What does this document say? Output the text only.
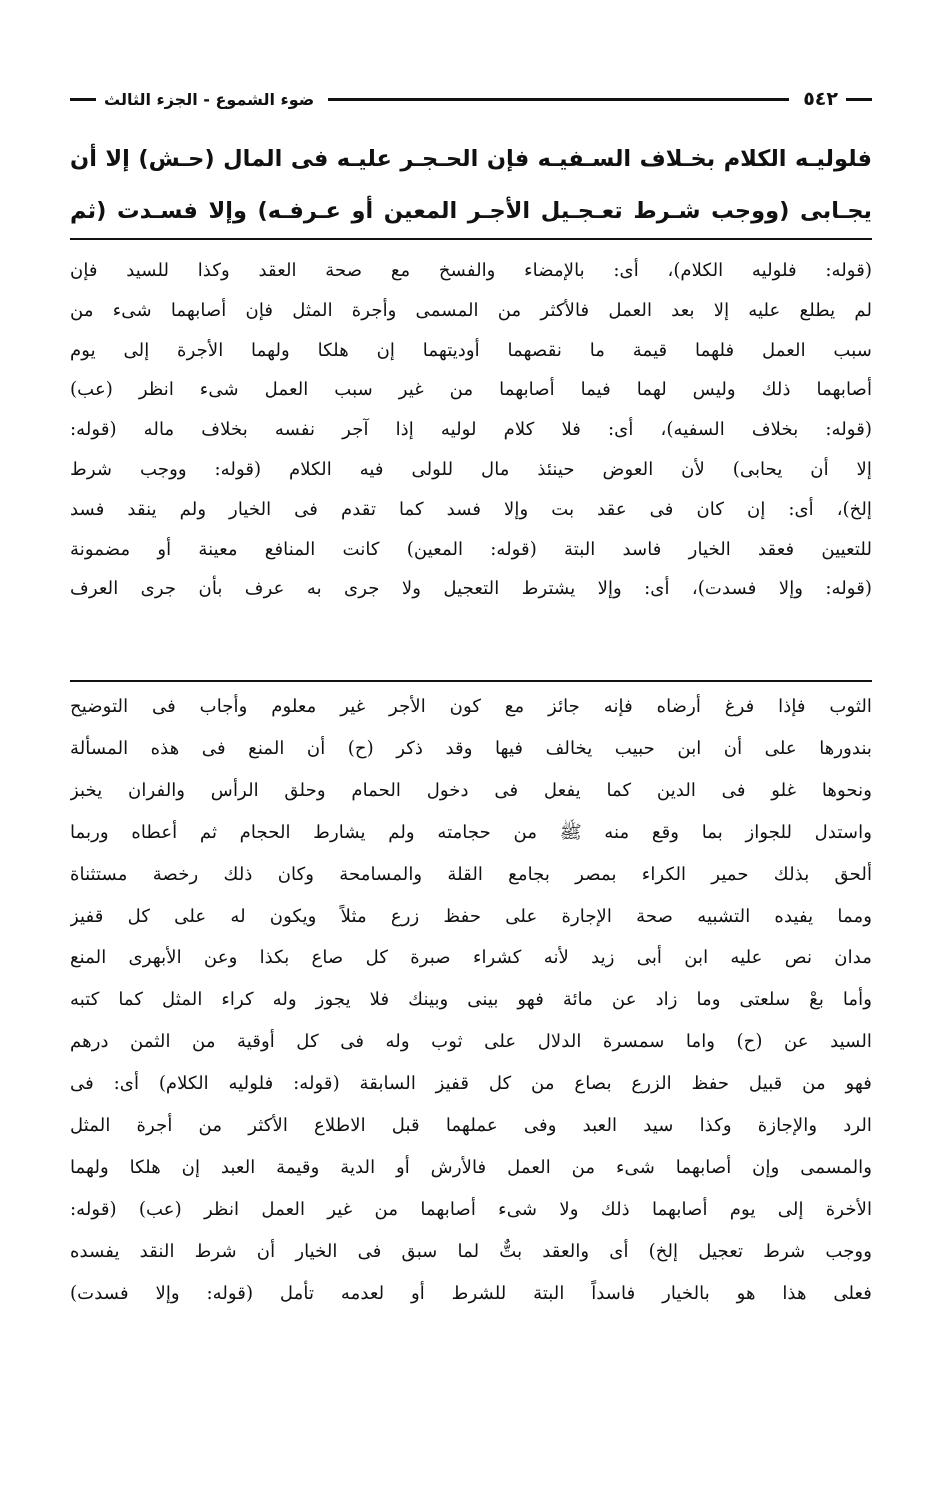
٥٤٢
ضوء الشموع - الجزء الثالث
فلوليـه الكلام بخـلاف السـفيـه فإن الحـجـر عليـه فى المال (حـش) إلا أن
يجـابى (ووجب شـرط تعـجـيل الأجـر المعين أو عـرفـه) وإلا فسـدت (ثم
(قوله: فلوليه الكلام)، أى: بالإمضاء والفسخ مع صحة العقد وكذا للسيد فإن
لم يطلع عليه إلا بعد العمل فالأكثر من المسمى وأجرة المثل فإن أصابهما شىء من
سبب العمل فلهما قيمة ما نقصهما أوديتهما إن هلكا ولهما الأجرة إلى يوم
أصابهما ذلك وليس لهما فيما أصابهما من غير سبب العمل شىء انظر (عب)
(قوله: بخلاف السفيه)، أى: فلا كلام لوليه إذا آجر نفسه بخلاف ماله (قوله:
إلا أن يحابى) لأن العوض حينئذ مال للولى فيه الكلام (قوله: ووجب شرط
إلخ)، أى: إن كان فى عقد بت وإلا فسد كما تقدم فى الخيار ولم ينقد فسد
للتعيين فعقد الخيار فاسد البتة (قوله: المعين) كانت المنافع معينة أو مضمونة
(قوله: وإلا فسدت)، أى: وإلا يشترط التعجيل ولا جرى به عرف بأن جرى العرف
الثوب فإذا فرغ أرضاه فإنه جائز مع كون الأجر غير معلوم وأجاب فى التوضيح
بندورها على أن ابن حبيب يخالف فيها وقد ذكر (ح) أن المنع فى هذه المسألة
ونحوها غلو فى الدين كما يفعل فى دخول الحمام وحلق الرأس والفران يخبز
واستدل للجواز بما وقع منه ﷺ من حجامته ولم يشارط الحجام ثم أعطاه وربما
ألحق بذلك حمير الكراء بمصر بجامع القلة والمسامحة وكان ذلك رخصة مستثناة
ومما يفيده التشبيه صحة الإجارة على حفظ زرع مثلاً ويكون له على كل قفيز
مدان نص عليه ابن أبى زيد لأنه كشراء صبرة كل صاع بكذا وعن الأبهرى المنع
وأما بعْ سلعتى وما زاد عن مائة فهو بينى وبينك فلا يجوز وله كراء المثل كما كتبه
السيد عن (ح) واما سمسرة الدلال على ثوب وله فى كل أوقية من الثمن درهم
فهو من قبيل حفظ الزرع بصاع من كل قفيز السابقة (قوله: فلوليه الكلام) أى: فى
الرد والإجازة وكذا سيد العبد وفى عملهما قبل الاطلاع الأكثر من أجرة المثل
والمسمى وإن أصابهما شىء من العمل فالأرش أو الدية وقيمة العبد إن هلكا ولهما
الأخرة إلى يوم أصابهما ذلك ولا شىء أصابهما من غير العمل انظر (عب) (قوله:
ووجب شرط تعجيل إلخ) أى والعقد بتٌّ لما سبق فى الخيار أن شرط النقد يفسده
فعلى هذا هو بالخيار فاسداً البتة للشرط أو لعدمه تأمل (قوله: وإلا فسدت)
